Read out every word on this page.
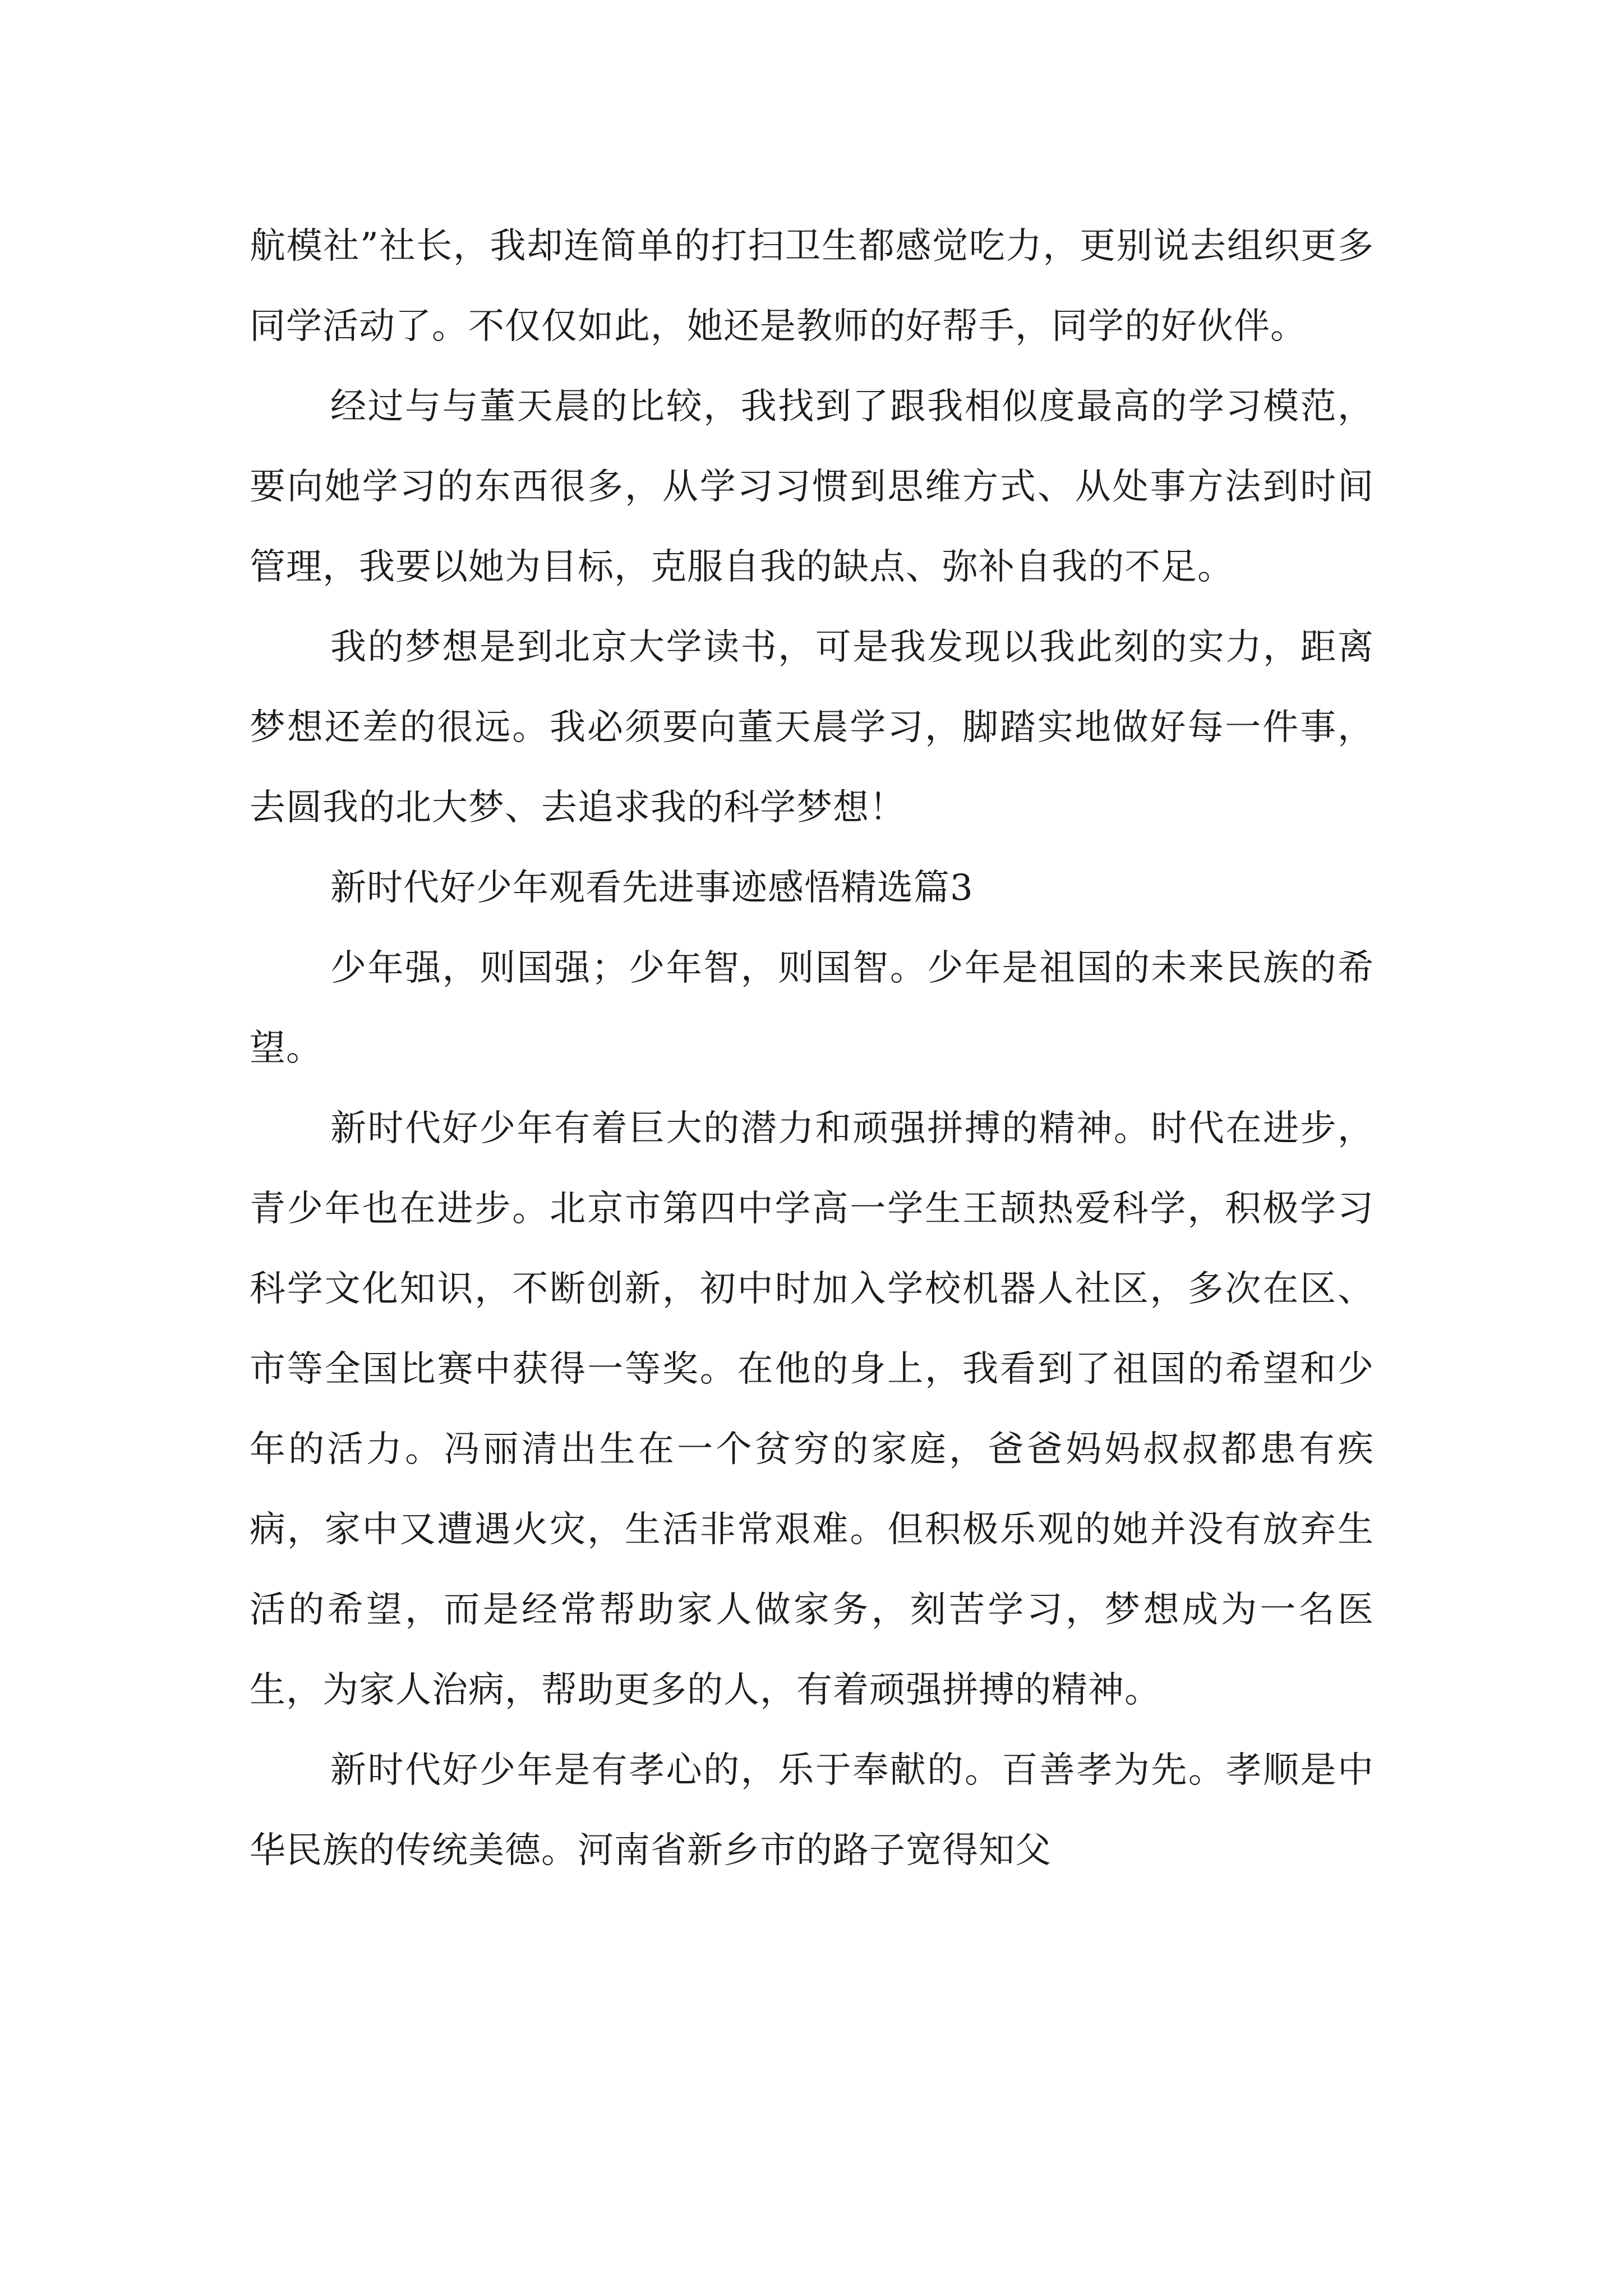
航模社”社长，我却连简单的打扫卫生都感觉吃力，更别说去组织更多同学活动了。不仅仅如此，她还是教师的好帮手，同学的好伙伴。

经过与与董天晨的比较，我找到了跟我相似度最高的学习模范，要向她学习的东西很多，从学习习惯到思维方式、从处事方法到时间管理，我要以她为目标，克服自我的缺点、弥补自我的不足。

我的梦想是到北京大学读书，可是我发现以我此刻的实力，距离梦想还差的很远。我必须要向董天晨学习，脚踏实地做好每一件事，去圆我的北大梦、去追求我的科学梦想！

新时代好少年观看先进事迹感悟精选篇3

少年强，则国强；少年智，则国智。少年是祖国的未来民族的希望。

新时代好少年有着巨大的潜力和顽强拼搏的精神。时代在进步，青少年也在进步。北京市第四中学高一学生王颉热爱科学，积极学习科学文化知识，不断创新，初中时加入学校机器人社区，多次在区、市等全国比赛中获得一等奖。在他的身上，我看到了祖国的希望和少年的活力。冯丽清出生在一个贫穷的家庭，爸爸妈妈叔叔都患有疾病，家中又遭遇火灾，生活非常艰难。但积极乐观的她并没有放弃生活的希望，而是经常帮助家人做家务，刻苦学习，梦想成为一名医生，为家人治病，帮助更多的人，有着顽强拼搏的精神。

新时代好少年是有孝心的，乐于奉献的。百善孝为先。孝顺是中华民族的传统美德。河南省新乡市的路子宽得知父
